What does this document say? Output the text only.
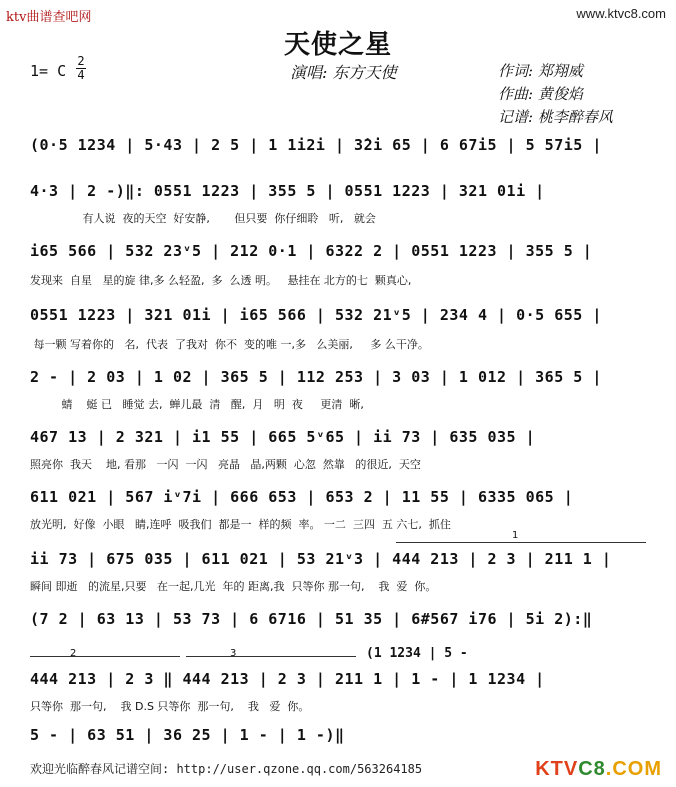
ktv曲谱查吧网	www.ktvc8.com
天使之星
1= C
2
4	演唱: 东方天使	作词: 郑翔威
作曲: 黄俊焰
记谱: 桃李醉春风
(0·5 1234 | 5·43 | 2 5 | 1 1i2i | 3̇2i 65 | 6 67i5 | 5 57i5 |
4·3 | 2 -)‖: 0551 1223 | 355 5 | 0551 1223 | 321 01i |
有人说  夜的天空  好安静,       但只要  你仔细聆   听,   就会
i65 566 | 532 23ᵛ5 | 212 0·1 | 6322 2 | 0551 1223 | 355 5 |
发现来  自星   星的旋 律,多 么轻盈,  多  么透 明。   悬挂在 北方的七  颗真心,
0551 1223 | 321 01i | i65 566 | 532 21ᵛ5 | 234 4 | 0·5 655 |
每一颗 写着你的   名,  代表  了我对  你不  变的唯 一,多   么美丽,     多 么干净。
2 - | 2 03 | 1 02 | 365 5 | 112 253 | 3 03 | 1 012 | 365 5 |
蜻    蜓 已   睡觉 去,  蝉儿最  清   醒,  月   明  夜     更清  晰,
467 13 | 2 321 | i1 55 | 665 5ᵛ65 | ii 73 | 635 035 |
照亮你  我天    地, 看那   一闪  一闪   亮晶   晶,两颗  心忽  然靠   的很近,  天空
611 021 | 567 iᵛ7i | 666 653 | 653 2 | 11 55 | 6335 065 |
放光明,  好像  小眼   睛,连呼  吸我们  都是一  样的频  率。 一二  三四  五 六七,  抓住
1
ii 73 | 675 035 | 611 021 | 53 21ᵛ3 | 444 213 | 2 3 | 211 1 |
瞬间 即逝   的流星,只要   在一起,几光  年的 距离,我  只等你 那一句,    我  爱  你。
(7 2 | 63 13 | 53 73 | 6 6716 | 51 35 | 6#567 i76 | 5i 2):‖
2	3	(1 1234 | 5 -
444 213 | 2 3 ‖ 444 213 | 2 3 | 211 1 | 1 - | 1 1234 |
只等你  那一句,    我 D.S 只等你  那一句,    我   爱  你。
5 - | 63 51 | 36 25 | 1 - | 1 -)‖
欢迎光临醉春风记谱空间: http://user.qzone.qq.com/563264185	KTVC8.COM
